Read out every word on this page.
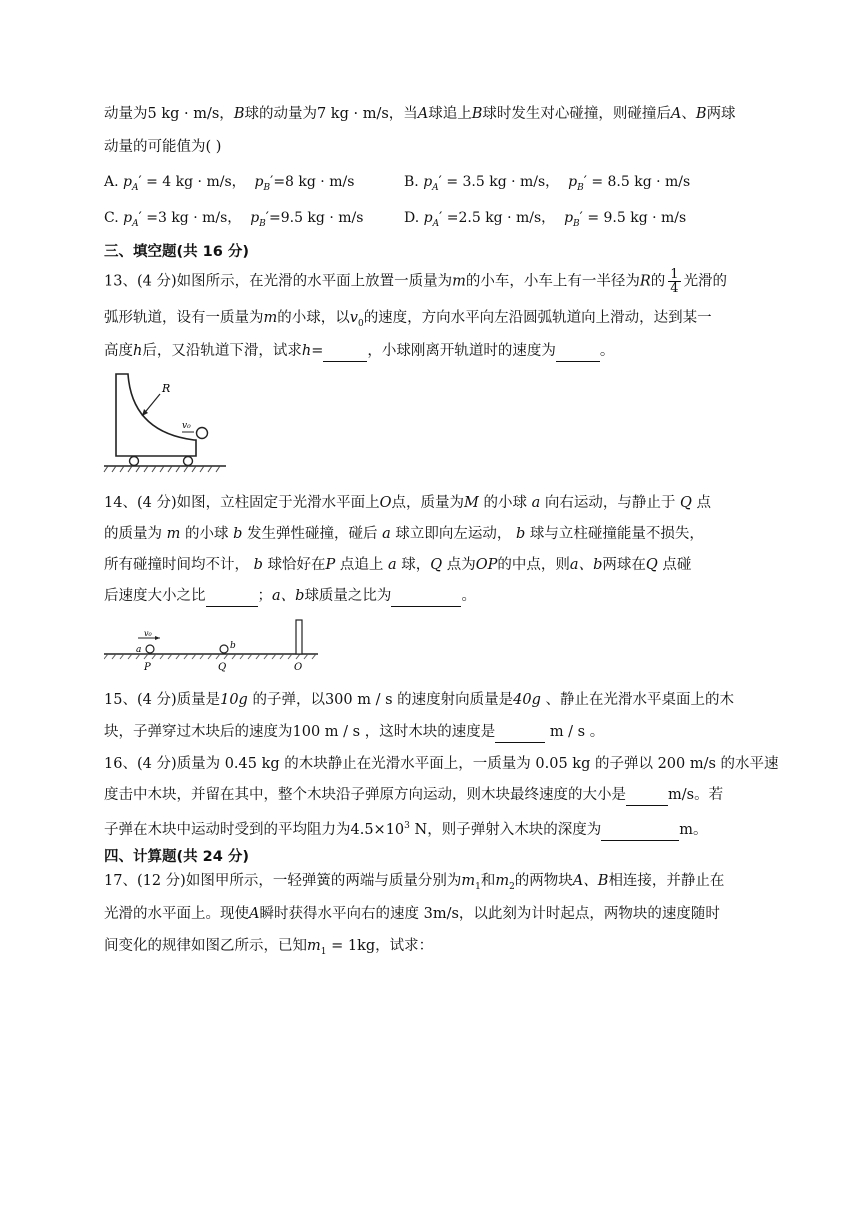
动量为5 kg · m/s，B球的动量为7 kg · m/s，当A球追上B球时发生对心碰撞，则碰撞后A、B两球
动量的可能值为( )
A. $p_A' = 4$ kg · m/s， $p_B'=8$ kg · m/s	B. $p_A' = 3.5$ kg · m/s， $p_B' = 8.5$ kg · m/s
C. $p_A' =3$ kg · m/s， $p_B'=9.5$ kg · m/s	D. $p_A' =2.5$ kg · m/s， $p_B' = 9.5$ kg · m/s
三、填空题(共 16 分)
13、(4 分)如图所示，在光滑的水平面上放置一质量为m的小车，小车上有一半径为R的 $\frac{1}{4}$ 光滑的
弧形轨道，设有一质量为m的小球，以$v_0$的速度，方向水平向左沿圆弧轨道向上滑动，达到某一
高度h后，又沿轨道下滑，试求h=	，小球刚离开轨道时的速度为	。
R
v₀
14、(4 分)如图，立柱固定于光滑水平面上O点，质量为M 的小球 a 向右运动，与静止于 Q 点
的质量为 m 的小球 b 发生弹性碰撞，碰后 a 球立即向左运动， b 球与立柱碰撞能量不损失，
所有碰撞时间均不计， b 球恰好在P 点追上 a 球，Q 点为OP的中点，则a、b两球在Q 点碰
后速度大小之比	；a、b球质量之比为	。
v₀
a	b
P	Q	O
15、(4 分)质量是10g 的子弹，以300 m / s 的速度射向质量是40g 、静止在光滑水平桌面上的木
块，子弹穿过木块后的速度为100 m / s ，这时木块的速度是	m / s 。
16、(4 分)质量为 0.45 kg 的木块静止在光滑水平面上，一质量为 0.05 kg 的子弹以 200 m/s 的水平速
度击中木块，并留在其中，整个木块沿子弹原方向运动，则木块最终速度的大小是	m/s。若
子弹在木块中运动时受到的平均阻力为$4.5\times 10^3$ N，则子弹射入木块的深度为	m。
四、计算题(共 24 分)
17、(12 分)如图甲所示，一轻弹簧的两端与质量分别为$m_1$和$m_2$的两物块A、B相连接，并静止在
光滑的水平面上。现使A瞬时获得水平向右的速度 3m/s，以此刻为计时起点，两物块的速度随时
间变化的规律如图乙所示，已知$m_1 = 1kg$，试求：
